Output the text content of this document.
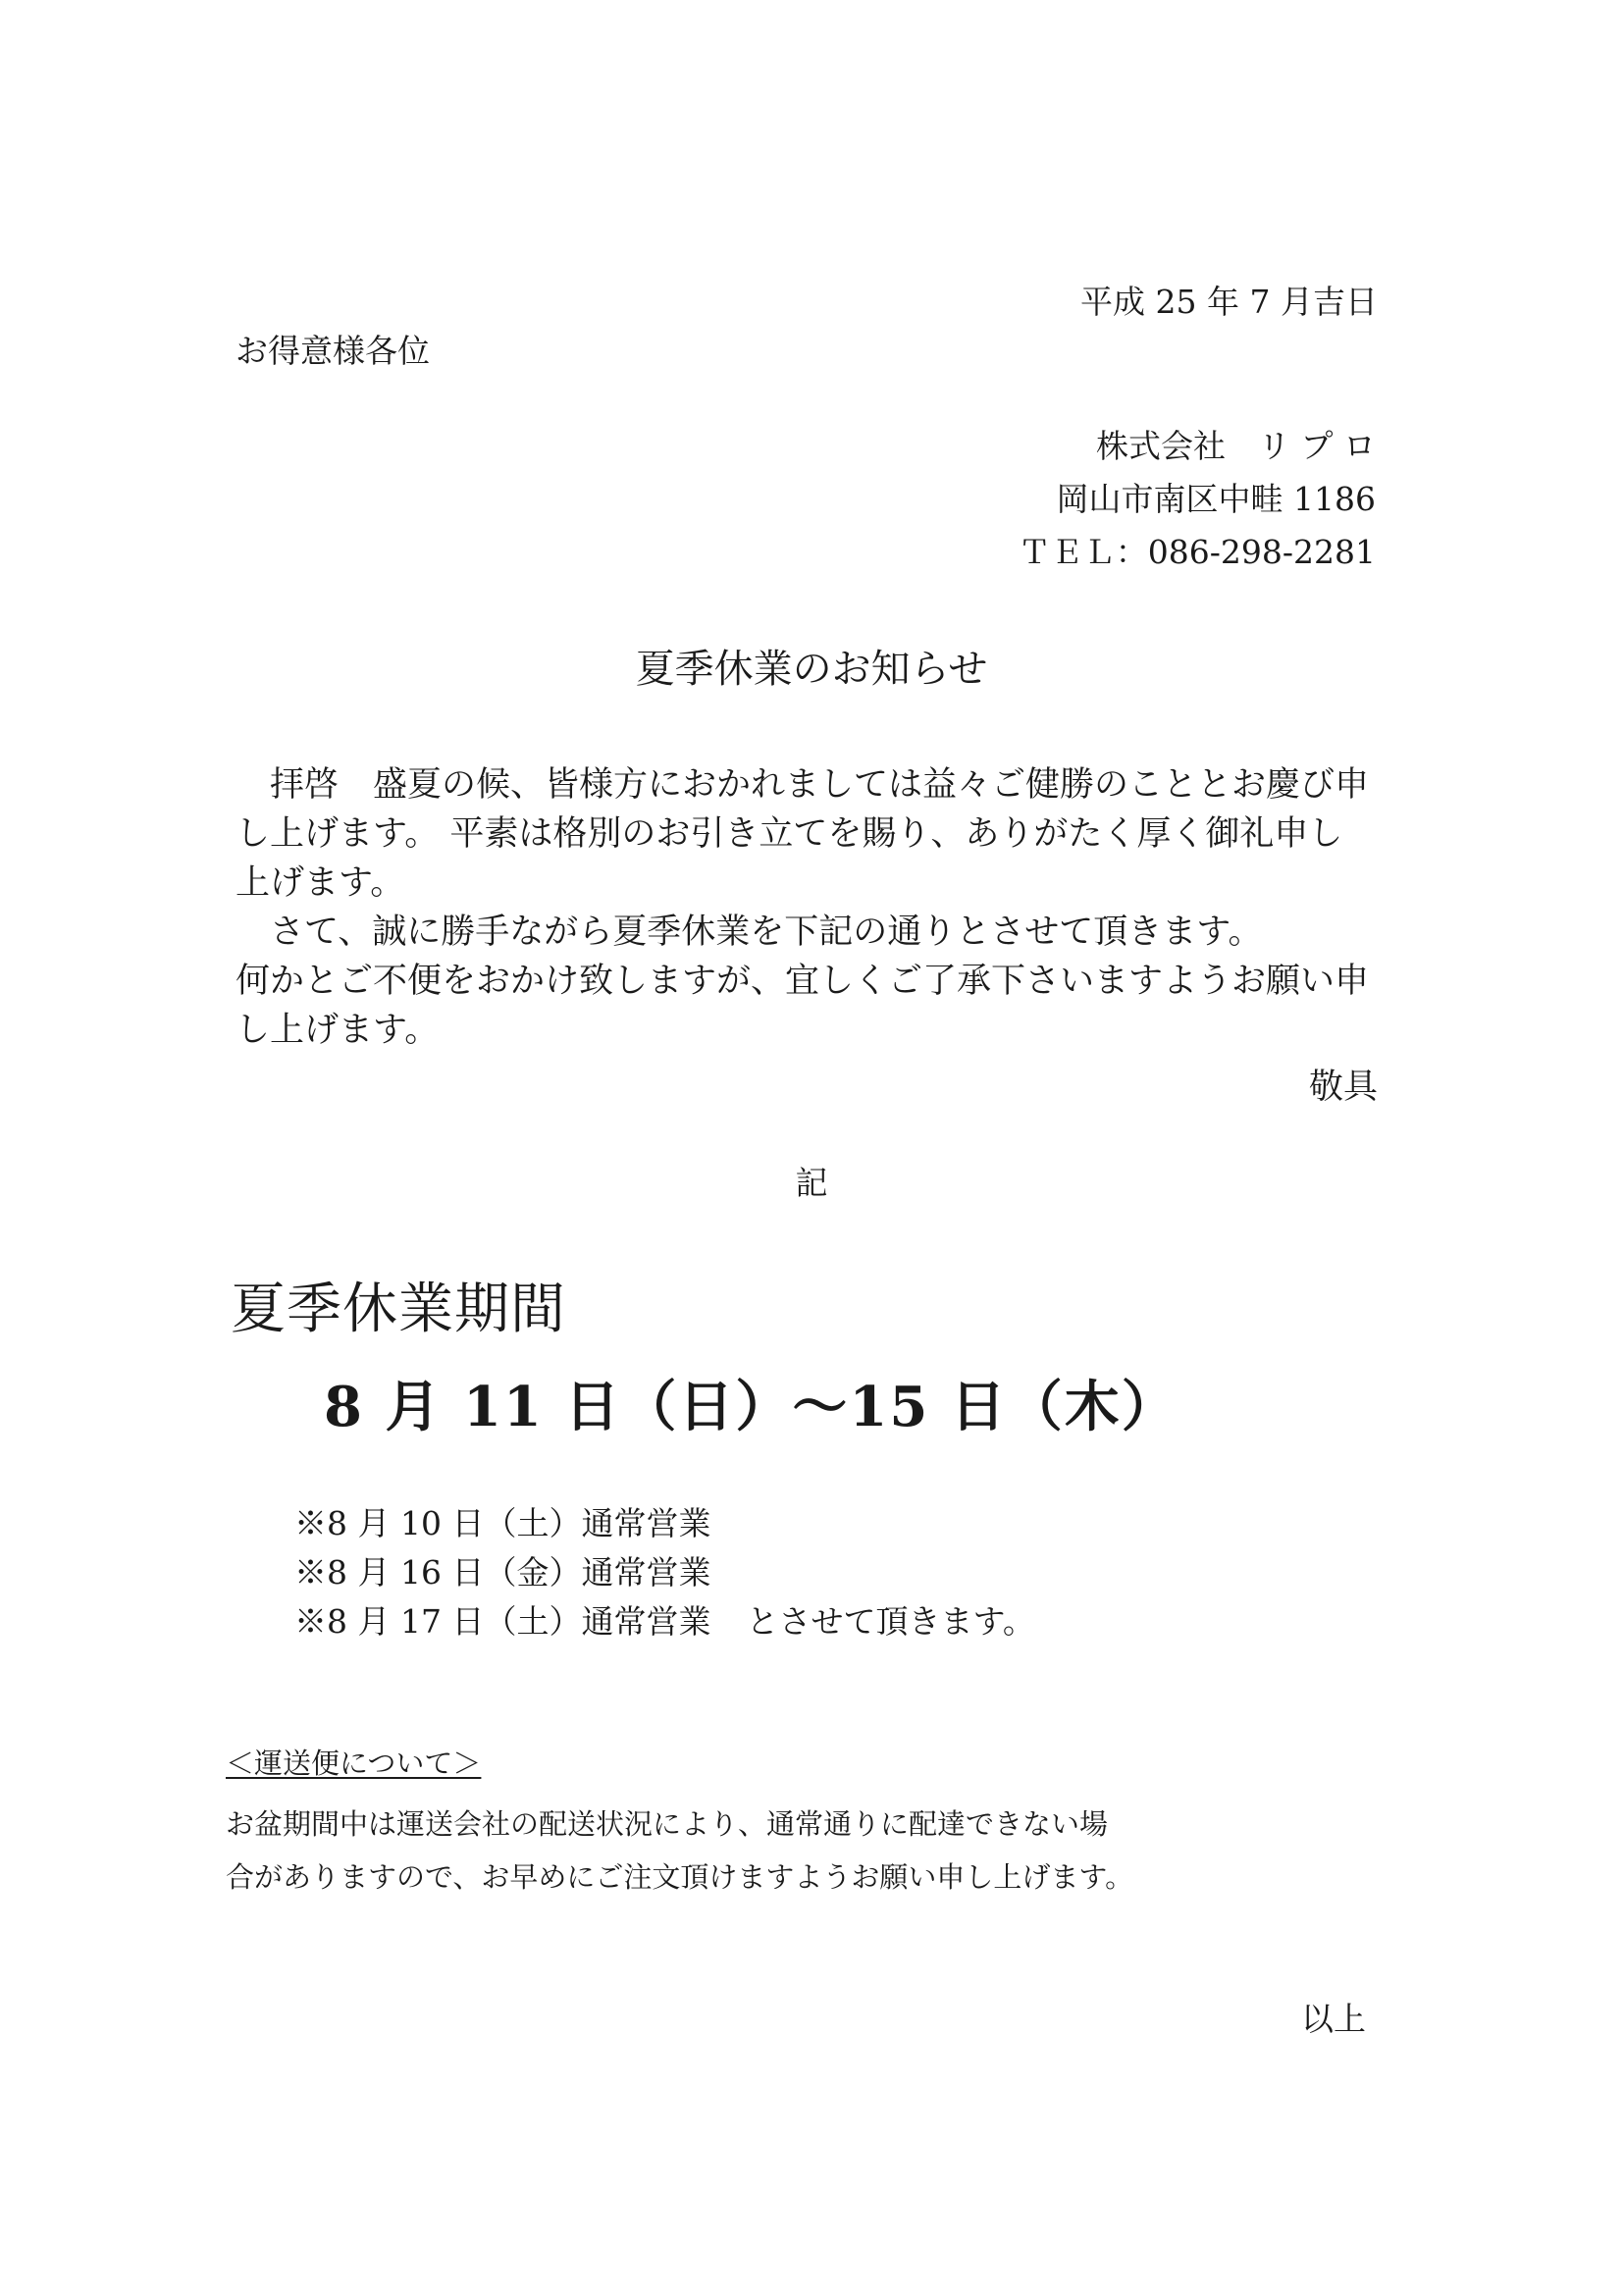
平成 25 年 7 月吉日
お得意様各位
株式会社　リ プ ロ
岡山市南区中畦 1186
ＴＥＬ：086-298-2281
夏季休業のお知らせ

　拝啓　盛夏の候、皆様方におかれましては益々ご健勝のこととお慶び申

し上げます。 平素は格別のお引き立てを賜り、ありがたく厚く御礼申し

上げます。

　さて、誠に勝手ながら夏季休業を下記の通りとさせて頂きます。

何かとご不便をおかけ致しますが、宜しくご了承下さいますようお願い申

し上げます。

敬具
記
夏季休業期間
8 月 11 日（日）～15 日（木）
※8 月 10 日（土）通常営業
※8 月 16 日（金）通常営業
※8 月 17 日（土）通常営業 とさせて頂きます。
＜運送便について＞
お盆期間中は運送会社の配送状況により、通常通りに配達できない場
合がありますので、お早めにご注文頂けますようお願い申し上げます。
以上
